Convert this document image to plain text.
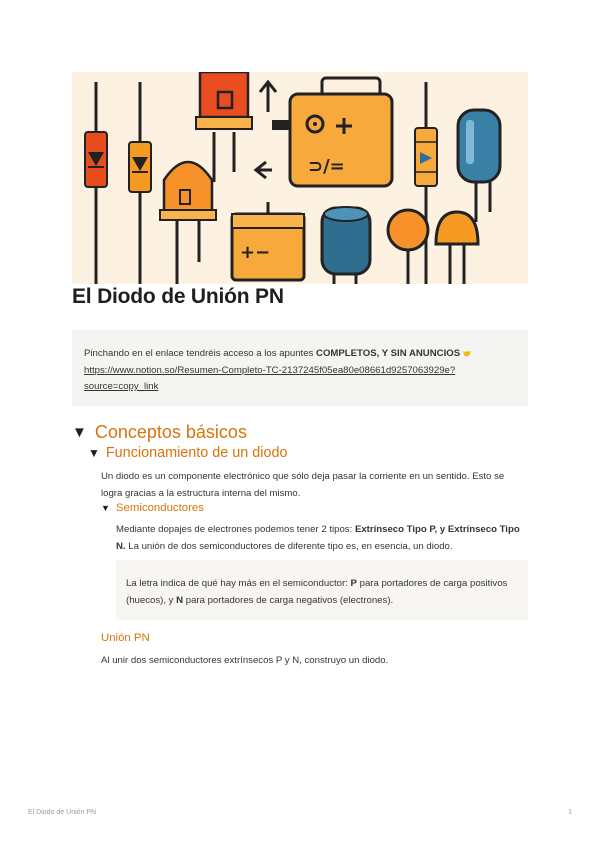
⊃/=
+−
El Diodo de Unión PN

Pinchando en el enlace tendréis acceso a los apuntes COMPLETOS, Y SIN ANUNCIOS 🤝

https://www.notion.so/Resumen-Completo-TC-2137245f05ea80e08661d9257063929e?source=copy_link

▼ Conceptos básicos
▼ Funcionamiento de un diodo

Un diodo es un componente electrónico que sólo deja pasar la corriente en un sentido. Esto se logra gracias a la estructura interna del mismo.

▼ Semiconductores

Mediante dopajes de electrones podemos tener 2 tipos: Extrínseco Tipo P, y Extrínseco Tipo N. La unión de dos semiconductores de diferente tipo es, en esencia, un diodo.

La letra indica de qué hay más en el semiconductor: P para portadores de carga positivos (huecos), y N para portadores de carga negativos (electrones).
Unión PN

Al unir dos semiconductores extrínsecos P y N, construyo un diodo.

El Diodo de Unión PN	1
